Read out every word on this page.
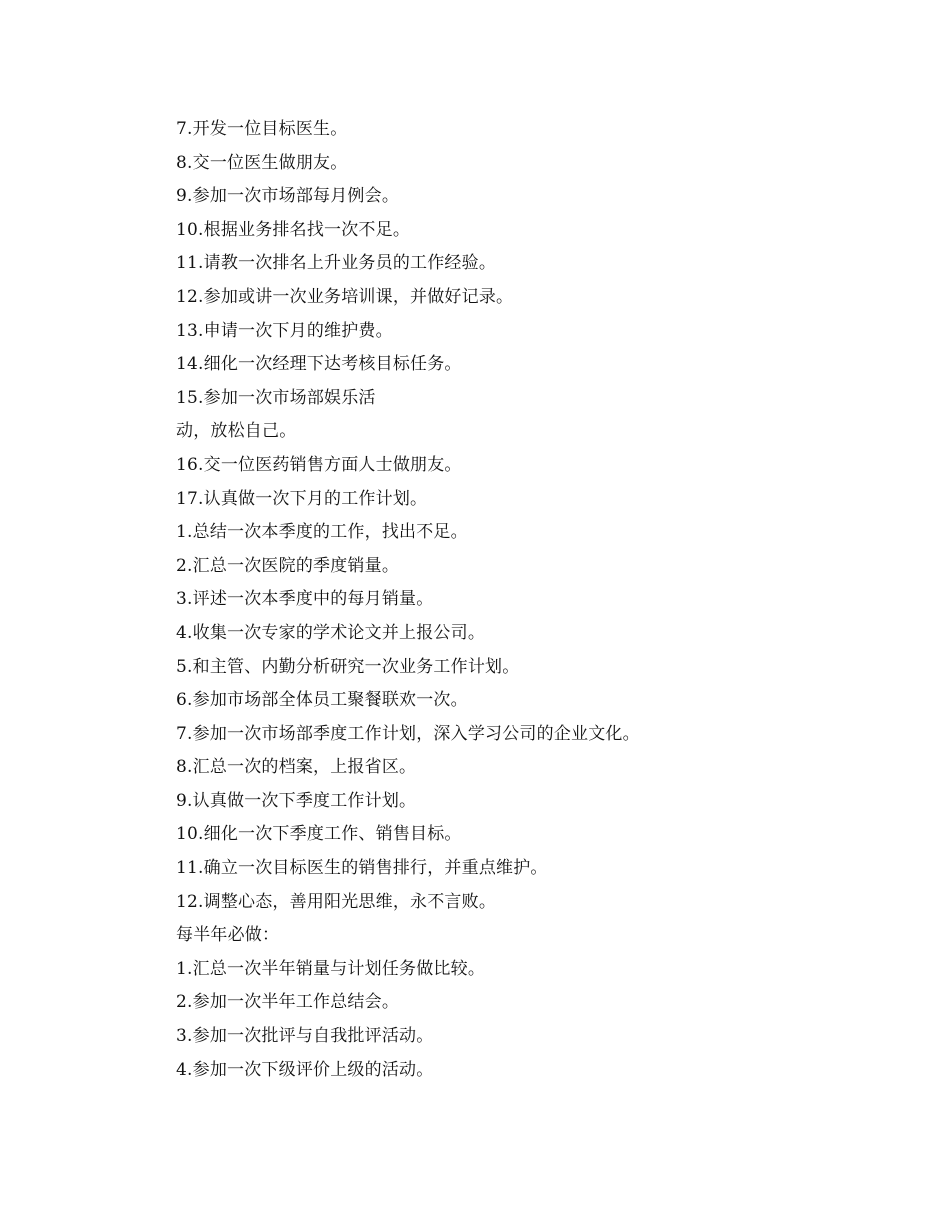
7.开发一位目标医生。
8.交一位医生做朋友。
9.参加一次市场部每月例会。
10.根据业务排名找一次不足。
11.请教一次排名上升业务员的工作经验。
12.参加或讲一次业务培训课，并做好记录。
13.申请一次下月的维护费。
14.细化一次经理下达考核目标任务。
15.参加一次市场部娱乐活
动，放松自己。
16.交一位医药销售方面人士做朋友。
17.认真做一次下月的工作计划。
1.总结一次本季度的工作，找出不足。
2.汇总一次医院的季度销量。
3.评述一次本季度中的每月销量。
4.收集一次专家的学术论文并上报公司。
5.和主管、内勤分析研究一次业务工作计划。
6.参加市场部全体员工聚餐联欢一次。
7.参加一次市场部季度工作计划，深入学习公司的企业文化。
8.汇总一次的档案，上报省区。
9.认真做一次下季度工作计划。
10.细化一次下季度工作、销售目标。
11.确立一次目标医生的销售排行，并重点维护。
12.调整心态，善用阳光思维，永不言败。
每半年必做：
1.汇总一次半年销量与计划任务做比较。
2.参加一次半年工作总结会。
3.参加一次批评与自我批评活动。
4.参加一次下级评价上级的活动。
